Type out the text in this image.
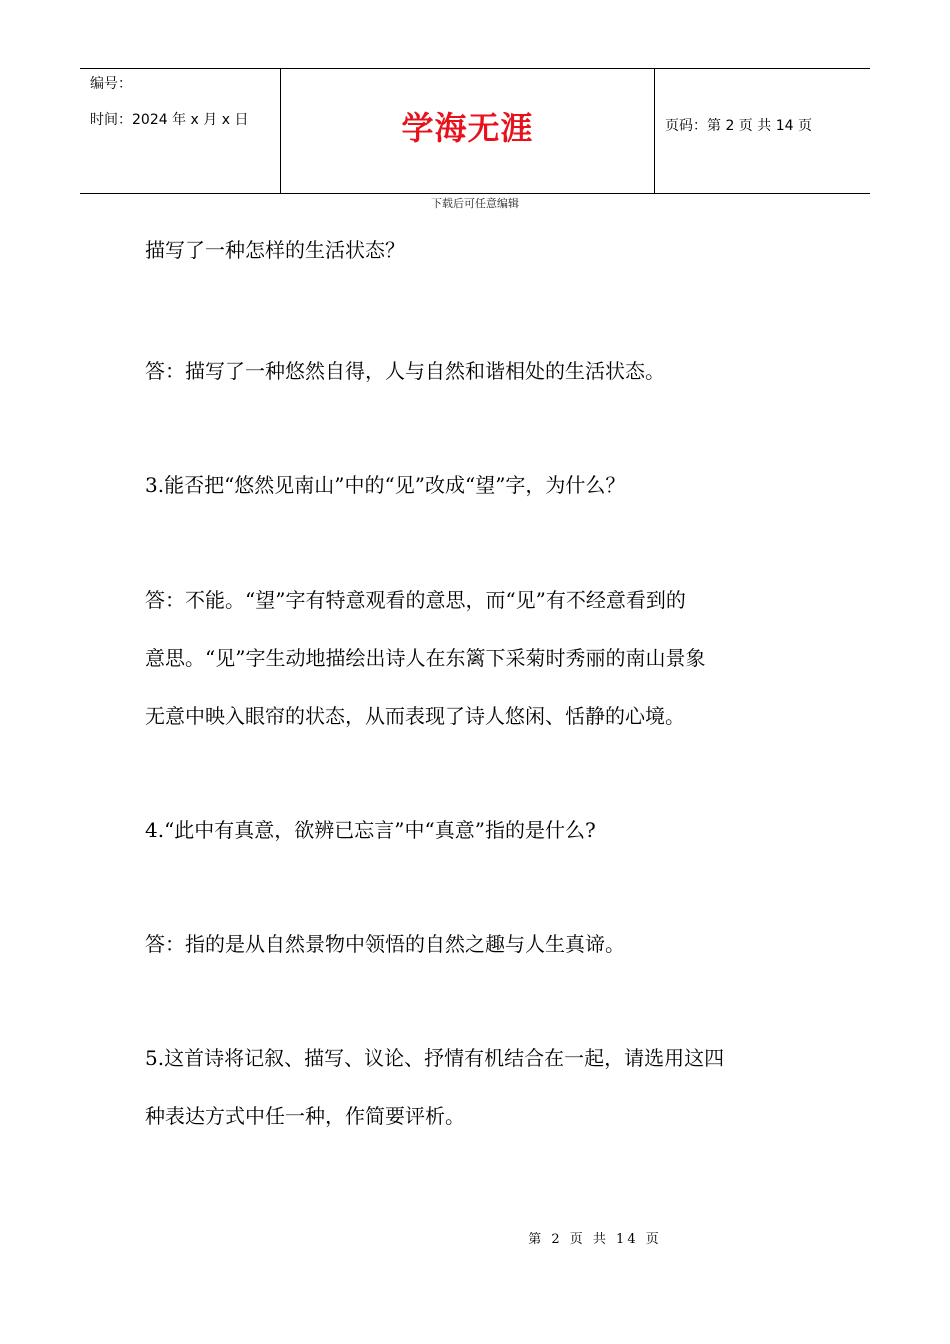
编号：
时间：2024 年 x 月 x 日	学海无涯	页码：第 2 页 共 14 页
下载后可任意编辑
描写了一种怎样的生活状态？
答：描写了一种悠然自得，人与自然和谐相处的生活状态。
3.能否把“悠然见南山”中的“见”改成“望”字，为什么？
答：不能。“望”字有特意观看的意思，而“见”有不经意看到的
意思。“见”字生动地描绘出诗人在东篱下采菊时秀丽的南山景象
无意中映入眼帘的状态，从而表现了诗人悠闲、恬静的心境。
4.“此中有真意，欲辨已忘言”中“真意”指的是什么?
答：指的是从自然景物中领悟的自然之趣与人生真谛。
5.这首诗将记叙、描写、议论、抒情有机结合在一起，请选用这四
种表达方式中任一种，作简要评析。
第 2 页 共 14 页
